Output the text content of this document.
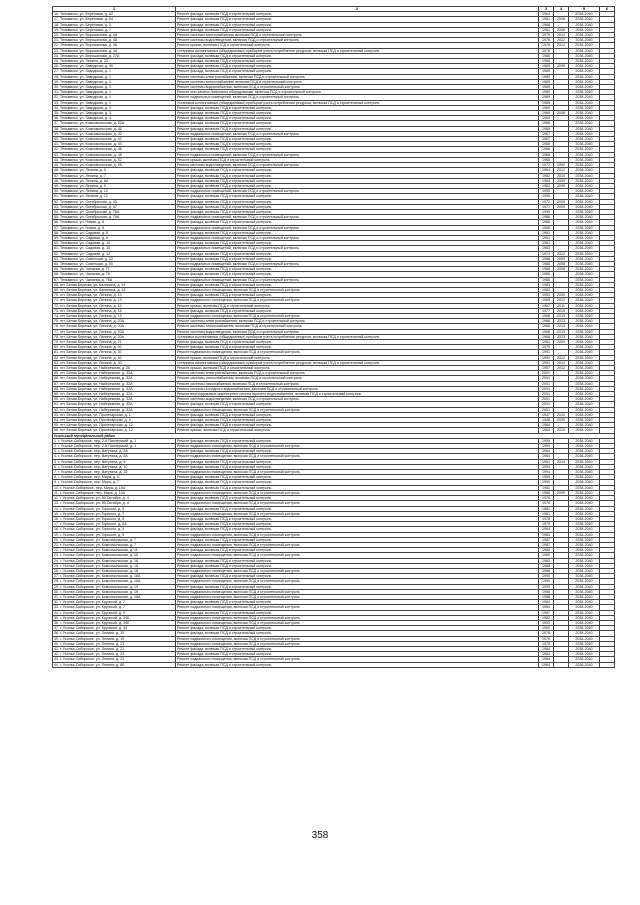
1	2	3	4	5	6
16. Тельминск, ул. Береговая, д. 62	Ремонт фасада, включая ПСД и строительный контроль	1964		2038-2040	
17. Тельминск, ул. Береговая, д. 64	Ремонт фасада, включая ПСД и строительный контроль	1981	2008	2038-2040	
18. Тельминск, ул. Береговая, д. 5	Ремонт фасада, включая ПСД и строительный контроль	1968		2038-2040	
19. Тельминск, ул. Береговая, д. 7	Ремонт фасада, включая ПСД и строительный контроль	1981	2008	2038-2040	
20. Тельминск, ул. Ворошилова, д. 4А	Ремонт системы теплоснабжения, включая ПСД и строительный контроль	1976	2012	2038-2040	
21. Тельминск, ул. Ворошилова, д. 4А	Ремонт системы водоотведения, включая ПСД и строительный контроль	1976	2012	2038-2040	
22. Тельминск, ул. Ворошилова, д. 4А	Ремонт крыши, включая ПСД и строительный контроль	1976	2012	2038-2040	
23. Тельминск, ул. Ворошилова, д. 4А	Установка коллективных (общедомовых) приборов учета потребления ресурсов, включая ПСД и строительный контроль	1976		2038-2040	
24. Тельминск, ул. Ворошилова, д. 27А	Ремонт фасада, включая ПСД и строительный контроль	1986		2038-2040	
25. Тельминск, ул. Ленина, д. 23	Ремонт фасада, включая ПСД и строительный контроль	1969		2038-2040	
26. Тельминск, ул. Заводская, д. 90	Ремонт фасада, включая ПСД и строительный контроль	1989	2009	2038-2040	
27. Тельминск, ул. Заводская, д. 1	Ремонт фасада, включая ПСД и строительный контроль	1989		2038-2040	
28. Тельминск, ул. Заводская, д. 1	Ремонт системы электроснабжения, включая ПСД и строительный контроль	1989		2038-2040	
29. Тельминск, ул. Заводская, д. 1	Ремонт системы теплоснабжения, включая ПСД и строительный контроль	1989		2038-2040	
30. Тельминск, ул. Заводская, д. 1	Ремонт системы водоснабжения, включая ПСД и строительный контроль	1989		2038-2040	
31. Тельминск, ул. Заводская, д. 1	Ремонт или замена лифтового оборудования, включая ПСД и строительный контроль	1989		2038-2040	
32. Тельминск, ул. Заводская, д. 1	Ремонт подвальных помещений, включая ПСД и строительный контроль	1989		2038-2040	
33. Тельминск, ул. Заводская, д. 1	Установка коллективных (общедомовых) приборов учета потребления ресурсов, включая ПСД и строительный контроль	1989		2038-2040	
34. Тельминск, ул. Заводская, д. 3	Ремонт фасада, включая ПСД и строительный контроль	1969		2038-2040	
35. Тельминск, ул. Заводская, д. 3	Ремонт фасада, включая ПСД и строительный контроль	1969	2008	2038-2040	
36. Тельминск, ул. Заводская, д. 4	Ремонт фасада, включая ПСД и строительный контроль	1964		2038-2040	
37. Тельминск, ул. Комсомольская, д. 32А	Ремонт фасада, включая ПСД и строительный контроль	1968		2038-2040	
38. Тельминск, ул. Комсомольская, д. 40	Ремонт фасада, включая ПСД и строительный контроль	1969		2038-2040	
39. Тельминск, ул. Комсомольская, д. 42	Ремонт подвальных помещений, включая ПСД и строительный контроль	1967		2038-2040	
40. Тельминск, ул. Комсомольская, д. 42	Ремонт фасада, включая ПСД и строительный контроль	1967		2038-2040	
41. Тельминск, ул. Комсомольская, д. 44	Ремонт фасада, включая ПСД и строительный контроль	1966		2038-2040	
42. Тельминск, ул. Комсомольская, д. 46	Ремонт фасада, включая ПСД и строительный контроль	1966		2038-2040	
43. Тельминск, ул. Комсомольская, д. 48	Ремонт подвальных помещений, включая ПСД и строительный контроль	1965		2038-2040	
44. Тельминск, ул. Комсомольская, д. 52	Ремонт крыши, включая ПСД и строительный контроль	1965		2038-2040	
45. Тельминск, ул. Комсомольская, д. 58	Ремонт системы водоотведения, включая ПСД и строительный контроль	1972	1992	2038-2040	
46. Тельминск, ул. Ленина, д. 5	Ремонт фасада, включая ПСД и строительный контроль	1964	2012	2038-2040	
47. Тельминск, ул. Ленина, д. 7	Ремонт фасада, включая ПСД и строительный контроль	1982	2010	2038-2040	
48. Тельминск, ул. Ленина, д. 8А	Ремонт фасада, включая ПСД и строительный контроль	1983	2009	2038-2040	
49. Тельминск, ул. Ленина, д. 9	Ремонт фасада, включая ПСД и строительный контроль	1983	2009	2038-2040	
50. Тельминск, ул. Ленина, д. 12	Ремонт подвальных помещений, включая ПСД и строительный контроль	1990		2038-2040	
51. Тельминск, ул. Ленина, д. 12	Ремонт фасада, включая ПСД и строительный контроль	1990		2038-2040	
52. Тельминск, ул. Октябрьская, д. 45	Ремонт фасада, включая ПСД и строительный контроль	1972	2009	2038-2040	
53. Тельминск, ул. Октябрьская, д. 47	Ремонт фасада, включая ПСД и строительный контроль	1971	2009	2038-2040	
54. Тельминск, ул. Октябрьская, д. 76А	Ремонт фасада, включая ПСД и строительный контроль	1995		2038-2040	
55. Тельминск, ул. Октябрьская, д. 76А	Ремонт подвальных помещений, включая ПСД и строительный контроль	1986		2038-2040	
56. Тельминск, ул. Новая, д. 8	Ремонт фасада, включая ПСД и строительный контроль	1986		2038-2040	
57. Тельминск, ул. Новая, д. 8	Ремонт подвальных помещений, включая ПСД и строительный контроль	1986		2038-2040	
58. Тельминск, ул. Садовая, д. 8	Ремонт фасада, включая ПСД и строительный контроль	1991		2038-2040	
59. Тельминск, ул. Садовая, д. 8	Ремонт подвальных помещений, включая ПСД и строительный контроль	1991		2038-2040	
60. Тельминск, ул. Садовая, д. 10	Ремонт фасада, включая ПСД и строительный контроль	1981		2038-2040	
61. Тельминск, ул. Садовая, д. 10	Ремонт подвальных помещений, включая ПСД и строительный контроль	1983		2038-2040	
62. Тельминск, ул. Садовая, д. 12	Ремонт фасада, включая ПСД и строительный контроль	1974	2012	2038-2040	
63. Тельминск, ул. Советская, д. 33	Ремонт фасада, включая ПСД и строительный контроль	1988	2009	2038-2040	
64. Тельминск, ул. Советская, д. 50	Ремонт подвальных помещений, включая ПСД и строительный контроль	1988	2008	2038-2040	
65. Тельминск, ул. Чапаева, д. 71	Ремонт фасада, включая ПСД и строительный контроль	1989	2008	2038-2040	
66. Тельминск, ул. Чапаева, д. 76	Ремонт фасада, включая ПСД и строительный контроль	1986		2038-2040	
67. Тельминск, ул. Чапаева, д. 76А	Ремонт подвальных помещений, включая ПСД и строительный контроль	1986		2038-2040	
68. пгт. Белая Березка, ул. Калинина, д. 14	Ремонт фасада, включая ПСД и строительный контроль	1983		2038-2040	
69. пгт. Белая Березка, ул. Калинина, д. 14	Ремонт подвального помещения, включая ПСД и строительный контроль	1983		2038-2040	
70. пгт. Белая Березка, ул. Ленина, д. 10	Ремонт фасада, включая ПСД и строительный контроль	1954	2009	2038-2040	
71. пгт. Белая Березка, ул. Ленина, д. 13	Ремонт подвального помещения, включая ПСД и строительный контроль	1969	2012	2038-2040	
72. пгт. Белая Березка, ул. Ленина, д. 13	Ремонт крыши, включая ПСД и строительный контроль	1967	2011	2038-2040	
73. пгт. Белая Березка, ул. Ленина, д. 15	Ремонт фасада, включая ПСД и строительный контроль	1977	2010	2038-2040	
74. пгт. Белая Березка, ул. Ленина, д. 19	Ремонт подвального помещения, включая ПСД и строительный контроль	1966	2013	2038-2040	
75. пгт. Белая Березка, ул. Ленина, д. 20А	Ремонт системы электроснабжения, включая ПСД и строительный контроль	1966	2013	2038-2040	
76. пгт. Белая Березка, ул. Ленина, д. 20А	Ремонт системы теплоснабжения, включая ПСД и строительный контроль	1966	2013	2038-2040	
77. пгт. Белая Березка, ул. Ленина, д. 20А	Ремонт системы водоотведения, включая ПСД и строительный контроль	1966	2013	2038-2040	
78. пгт. Белая Березка, ул. Ленина, д. 20А	Установка коллективных (общедомовых) приборов учета потребления ресурсов, включая ПСД и строительный контроль	1966	2013	2038-2040	
79. пгт. Белая Березка, ул. Ленина, д. 21	Ремонт фасада, включая ПСД и строительный контроль	1981	2009	2038-2040	
80. пгт. Белая Березка, ул. Ленина, д. 30	Ремонт фасада, включая ПСД и строительный контроль	1975		2038-2040	
81. пгт. Белая Березка, ул. Ленина, д. 30	Ремонт подвального помещения, включая ПСД и строительный контроль	1991		2038-2040	
82. пгт. Белая Березка, ул. Ленина, д. 30	Ремонт крыши, включая ПСД и строительный контроль	1991	2012	2038-2040	
83. пгт. Белая Березка, ул. Ленина, д. 30	Установка коллективных (общедомовых) приборов учета потребления ресурсов, включая ПСД и строительный контроль	1991	2012	2038-2040	
84. пгт. Белая Березка, ул. Набережная, д. 26	Ремонт крыши, включая ПСД и строительный контроль	1957	2012	2038-2040	
85. пгт. Белая Березка, ул. Набережная, д. 32А	Ремонт системы электроснабжения, включая ПСД и строительный контроль	2001		2038-2040	
86. пгт. Белая Березка, ул. Набережная, д. 32А	Ремонт системы теплоснабжения, включая ПСД и строительный контроль	2001		2038-2040	
87. пгт. Белая Березка, ул. Набережная, д. 32А	Ремонт системы газоснабжения, включая ПСД и строительный контроль	2001		2038-2040	
88. пгт. Белая Березка, ул. Набережная, д. 32А	Ремонт системы холодного водоснабжения, включая ПСД и строительный контроль	2001		2038-2040	
89. пгт. Белая Березка, ул. Набережная, д. 32А	Ремонт внутридомовых инженерных систем горячего водоснабжения, включая ПСД и строительный контроль	2001		2038-2040	
90. пгт. Белая Березка, ул. Набережная, д. 32А	Ремонт системы водоотведения, включая ПСД и строительный контроль	2001		2038-2040	
91. пгт. Белая Березка, ул. Набережная, д. 32А	Ремонт фасада, включая ПСД и строительный контроль	2001		2038-2040	
92. пгт. Белая Березка, ул. Набережная, д. 32А	Ремонт подвального помещения, включая ПСД и строительный контроль	2001		2038-2040	
93. пгт. Белая Березка, ул. Пролетарская, д. 1	Ремонт фасада, включая ПСД и строительный контроль	1947	2010	2038-2040	
94. пгт. Белая Березка, ул. Пролетарская, д. 9	Ремонт фасада, включая ПСД и строительный контроль	1948	2009	2038-2040	
95. пгт. Белая Березка, ул. Пролетарская, д. 10	Ремонт фасада, включая ПСД и строительный контроль	1964		2038-2040	
96. пгт. Белая Березка, ул. Пролетарская, д. 12	Ремонт крыши, включая ПСД и строительный контроль	1964	2010	2038-2040	
Усольский муниципальный район					
1. г. Усолье-Сибирское, пер. 2-й Пионерский, д. 1	Ремонт фасада, включая ПСД и строительный контроль	1959		2038-2040	
2. г. Усолье-Сибирское, пер. 2-й Пионерский, д. 1	Ремонт подвального помещения, включая ПСД и строительный контроль	1959		2038-2040	
3. г. Усолье-Сибирское, пер. Ватутина, д. 8А	Ремонт фасада, включая ПСД и строительный контроль	1964		2038-2040	
4. г. Усолье-Сибирское, пер. Ватутина, д. 8А	Ремонт подвального помещения, включая ПСД и строительный контроль	1964		2038-2040	
5. г. Усолье-Сибирское, пер. Ватутина, д. 9	Ремонт фасада, включая ПСД и строительный контроль	1951	2014	2038-2040	
6. г. Усолье-Сибирское, пер. Ватутина, д. 10	Ремонт фасада, включая ПСД и строительный контроль	1994		2038-2040	
7. г. Усолье-Сибирское, пер. Ватутина, д. 10	Ремонт подвального помещения, включая ПСД и строительный контроль	1994		2038-2040	
8. г. Усолье-Сибирское, пер. Мира, д. 1	Ремонт фасада, включая ПСД и строительный контроль	1989		2038-2040	
9. г. Усолье-Сибирское, пер. Мира, д. 7	Ремонт фасада, включая ПСД и строительный контроль	1990		2038-2040	
10. г. Усолье-Сибирское, пер. Мира, д. 10А	Ремонт фасада, включая ПСД и строительный контроль	1981		2038-2040	
11. г. Усолье-Сибирское, пер. Мира, д. 10А	Ремонт подвального помещения, включая ПСД и строительный контроль	1986	2009	2038-2040	
12. г. Усолье-Сибирское, ул. 50 Октября, д. 4	Ремонт фасада, включая ПСД и строительный контроль	1976		2038-2040	
13. г. Усолье-Сибирское, ул. 50 Октября, д. 4	Ремонт подвального помещения, включая ПСД и строительный контроль	1976		2038-2040	
14. г. Усолье-Сибирское, ул. Горького, д. 6	Ремонт фасада, включая ПСД и строительный контроль	1981		2038-2040	
15. г. Усолье-Сибирское, ул. Горького, д. 7	Ремонт подвального помещения, включая ПСД и строительный контроль	1981		2038-2040	
16. г. Усолье-Сибирское, ул. Горького, д. 8	Ремонт фасада, включая ПСД и строительный контроль	1978		2038-2040	
17. г. Усолье-Сибирское, ул. Горького, д. 8А	Ремонт фасада, включая ПСД и строительный контроль	1979		2038-2040	
18. г. Усолье-Сибирское, ул. Горького, д. 9	Ремонт фасада, включая ПСД и строительный контроль	1984		2038-2040	
19. г. Усолье-Сибирское, ул. Горького, д. 9	Ремонт подвального помещения, включая ПСД и строительный контроль	1984		2038-2040	
20. г. Усолье-Сибирское, ул. Комсомольская, д. 7	Ремонт фасада, включая ПСД и строительный контроль	1987		2038-2040	
21. г. Усолье-Сибирское, ул. Комсомольская, д. 7	Ремонт подвального помещения, включая ПСД и строительный контроль	1987		2038-2040	
22. г. Усолье-Сибирское, ул. Комсомольская, д. 11	Ремонт фасада, включая ПСД и строительный контроль	1986		2038-2040	
23. г. Усолье-Сибирское, ул. Комсомольская, д. 16	Ремонт подвального помещения, включая ПСД и строительный контроль	1980		2038-2040	
24. г. Усолье-Сибирское, ул. Комсомольская, д. 16	Ремонт фасада, включая ПСД и строительный контроль	1962		2038-2040	
25. г. Усолье-Сибирское, ул. Комсомольская, д. 18	Ремонт фасада, включая ПСД и строительный контроль	1988		2038-2040	
26. г. Усолье-Сибирское, ул. Комсомольская, д. 18	Ремонт подвального помещения, включая ПСД и строительный контроль	1988		2038-2040	
27. г. Усолье-Сибирское, ул. Комсомольская, д. 18А	Ремонт фасада, включая ПСД и строительный контроль	1990		2038-2040	
28. г. Усолье-Сибирское, ул. Комсомольская, д. 18А	Ремонт подвального помещения, включая ПСД и строительный контроль	1990		2038-2040	
29. г. Усолье-Сибирское, ул. Комсомольская, д. 19	Ремонт фасада, включая ПСД и строительный контроль	1990		2038-2040	
30. г. Усолье-Сибирское, ул. Комсомольская, д. 19	Ремонт подвального помещения, включая ПСД и строительный контроль	1990		2038-2040	
31. г. Усолье-Сибирское, ул. Комсомольская, д. 19А	Ремонт подвального помещения, включая ПСД и строительный контроль	1988		2038-2040	
32. г. Усолье-Сибирское, ул. Крупской, д. 7	Ремонт фасада, включая ПСД и строительный контроль	1984		2038-2040	
33. г. Усолье-Сибирское, ул. Крупской, д. 7	Ремонт подвального помещения, включая ПСД и строительный контроль	1984		2038-2040	
34. г. Усолье-Сибирское, ул. Крупской, д. 9	Ремонт фасада, включая ПСД и строительный контроль	1967		2038-2040	
35. г. Усолье-Сибирское, ул. Крупской, д. 34Б	Ремонт подвального помещения, включая ПСД и строительный контроль	1982		2038-2040	
36. г. Усолье-Сибирское, ул. Крупской, д. 34Е	Ремонт подвального помещения, включая ПСД и строительный контроль	1992		2038-2040	
37. г. Усолье-Сибирское, ул. Крупской, д. 44	Ремонт фасада, включая ПСД и строительный контроль	1960		2038-2040	
38. г. Усолье-Сибирское, ул. Ленина, д. 10	Ремонт фасада, включая ПСД и строительный контроль	1978		2038-2040	
39. г. Усолье-Сибирское, ул. Ленина, д. 19	Ремонт подвального помещения, включая ПСД и строительный контроль	1976		2038-2040	
40. г. Усолье-Сибирское, ул. Ленина, д. 21	Ремонт подвального помещения, включая ПСД и строительный контроль	1975		2038-2040	
41. г. Усолье-Сибирское, ул. Ленина, д. 21	Ремонт фасада, включая ПСД и строительный контроль	1984		2038-2040	
42. г. Усолье-Сибирское, ул. Ленина, д. 23	Ремонт фасада, включая ПСД и строительный контроль	1984		2038-2040	
43. г. Усолье-Сибирское, ул. Ленина, д. 23	Ремонт подвального помещения, включая ПСД и строительный контроль	1984		2038-2040	
44. г. Усолье-Сибирское, ул. Ленина, д. 8Б	Ремонт фасада, включая ПСД и строительный контроль	1984		2038-2040	
358
